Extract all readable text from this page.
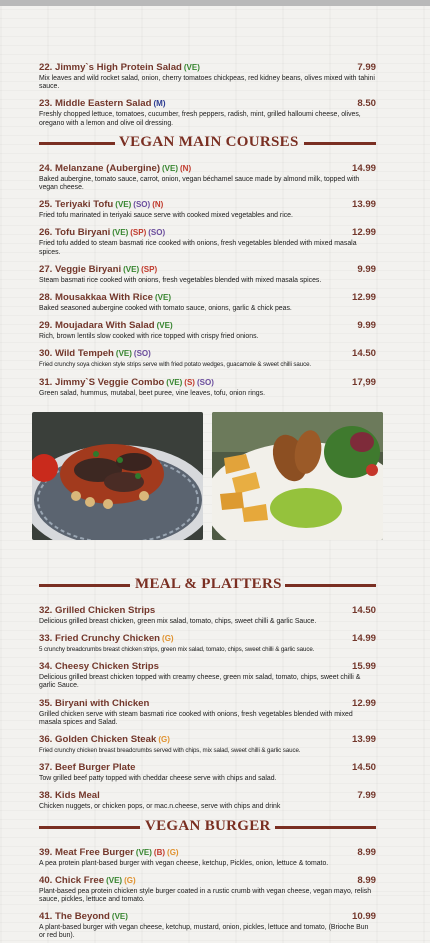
22. Jimmy`s High Protein Salad (VE)	7.99
Mix leaves and wild rocket salad, onion, cherry tomatoes chickpeas, red kidney beans, olives mixed with tahini sauce.
23. Middle Eastern Salad (M)	8.50
Freshly chopped lettuce, tomatoes, cucumber, fresh peppers, radish, mint, grilled halloumi cheese, olives, oregano with a lemon and olive oil dressing.
VEGAN MAIN COURSES
24. Melanzane (Aubergine) (VE) (N)	14.99
Baked aubergine, tomato sauce, carrot, onion, vegan béchamel sauce made by almond milk, topped with vegan cheese.
25. Teriyaki Tofu (VE) (SO) (N)	13.99
Fried tofu marinated in teriyaki sauce serve with cooked mixed vegetables and rice.
26. Tofu Biryani (VE) (SP) (SO)	12.99
Fried tofu added to steam basmati rice cooked with onions, fresh vegetables blended with mixed masala spices.
27. Veggie Biryani (VE) (SP)	9.99
Steam basmati rice cooked with onions, fresh vegetables blended with mixed masala spices.
28. Mousakkaa With Rice (VE)	12.99
Baked seasoned aubergine cooked with tomato sauce, onions, garlic & chick peas.
29. Moujadara With Salad (VE)	9.99
Rich, brown lentils slow cooked with rice topped with crispy fried onions.
30. Wild Tempeh (VE) (SO)	14.50
Fried crunchy soya chicken style strips serve with fried potato wedges, guacamole & sweet chilli sauce.
31. Jimmy`S Veggie Combo (VE) (S) (SO)	17,99
Green salad, hummus, mutabal, beet puree, vine leaves, tofu, onion rings.
MEAL & PLATTERS
32. Grilled Chicken Strips	14.50
Delicious grilled breast chicken, green mix salad, tomato, chips, sweet chilli & garlic Sauce.
33. Fried Crunchy Chicken (G)	14.99
5 crunchy breadcrumbs breast chicken strips, green mix salad, tomato, chips, sweet chilli & garlic sauce.
34. Cheesy Chicken Strips	15.99
Delicious grilled breast chicken topped with creamy cheese, green mix salad, tomato, chips, sweet chilli & garlic Sauce.
35. Biryani with Chicken	12.99
Grilled chicken serve with steam basmati rice cooked with onions, fresh vegetables blended with mixed masala spices and Salad.
36. Golden Chicken Steak (G)	13.99
Fried crunchy chicken breast breadcrumbs served with chips, mix salad, sweet chilli & garlic sauce.
37. Beef Burger Plate	14.50
Tow grilled beef patty topped with cheddar cheese serve with chips and salad.
38. Kids Meal	7.99
Chicken nuggets, or chicken pops, or mac.n.cheese, serve with chips and drink
VEGAN BURGER
39. Meat Free Burger (VE) (B) (G)	8.99
A pea protein plant-based burger with vegan cheese, ketchup, Pickles, onion, lettuce & tomato.
40. Chick Free (VE) (G)	8.99
Plant-based pea protein chicken style burger coated in a rustic crumb with vegan cheese, vegan mayo, relish sauce, pickles, lettuce and tomato.
41. The Beyond (VE)	10.99
A plant-based burger with vegan cheese, ketchup, mustard, onion, pickles, lettuce and tomato, (Brioche Bun or red bun).
